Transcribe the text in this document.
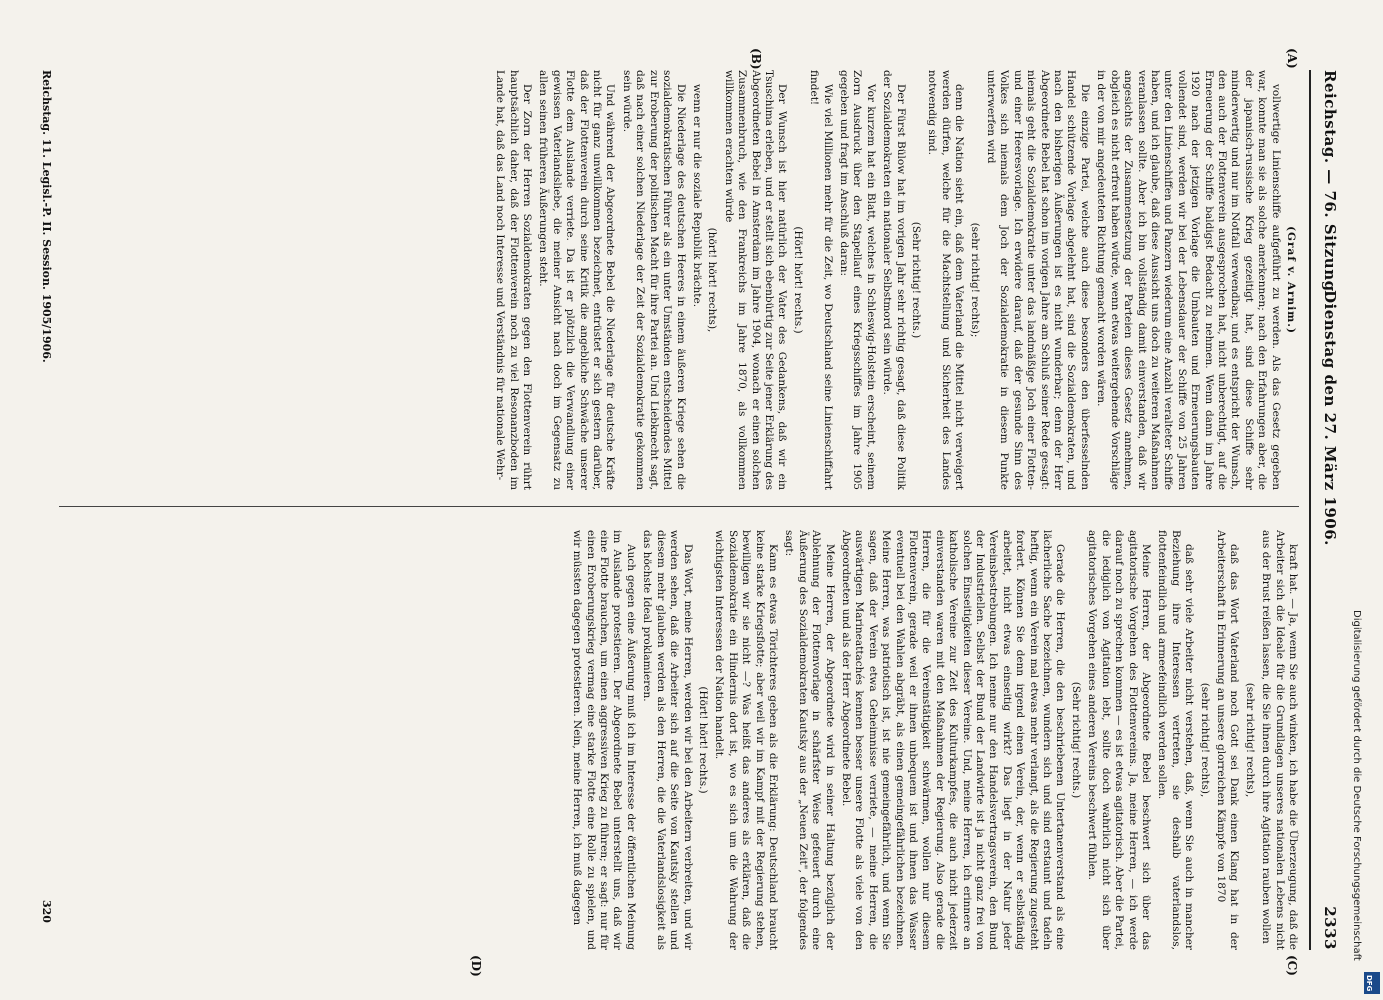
Reichstag. — 76. Sitzung.
Dienstag den 27. März 1906.
2333
(A)
(B)
(C)
(D)
(Graf v. Arnim.)

vollwertige Linienschiffe aufgeführt zu werden. Als das Gesetz gegeben war, konnte man sie als solche anerkennen; nach den Erfahrungen aber, die der japanisch-russische Krieg gezeitigt hat, sind diese Schiffe sehr minderwertig und nur im Notfall verwendbar, und es entspricht der Wunsch, den auch der Flottenverein ausgesprochen hat, nicht unberechtigt, auf die Erneuerung der Schiffe baldigst Bedacht zu nehmen. Wenn dann im Jahre 1920 nach der jetzigen Vorlage die Umbauten und Erneuerungsbauten vollendet sind, werden wir bei der Lebensdauer der Schiffe von 25 Jahren unter den Linienschiffen und Panzern wiederum eine Anzahl veralteter Schiffe haben, und ich glaube, daß diese Aussicht uns doch zu weiteren Maßnahmen veranlassen sollte. Aber ich bin vollständig damit einverstanden, daß wir angesichts der Zusammensetzung der Parteien dieses Gesetz annehmen, obgleich es nicht erfreut haben würde, wenn etwas weitergehende Vorschläge in der von mir angedeuteten Richtung gemacht worden wären.

Die einzige Partei, welche auch diese besonders den überfesselnden Handel schützende Vorlage abgelehnt hat, sind die Sozialdemokraten, und nach den bisherigen Äußerungen ist es nicht wunderbar; denn der Herr Abgeordnete Bebel hat schon im vorigen Jahre am Schluß seiner Rede gesagt: niemals geht die Sozialdemokratie unter das landmäßige Joch einer Flotten- und einer Heeresvorlage. Ich erwidere darauf, daß der gesunde Sinn des Volkes sich niemals dem Joch der Sozialdemokratie in diesem Punkte unterwerfen wird

(sehr richtig! rechts);

denn die Nation sieht ein, daß dem Vaterland die Mittel nicht verweigert werden dürfen, welche für die Machtstellung und Sicherheit des Landes notwendig sind.

(Sehr richtig! rechts.)

Der Fürst Bülow hat im vorigen Jahr sehr richtig gesagt, daß diese Politik der Sozialdemokraten ein nationaler Selbstmord sein würde.

Vor kurzem hat ein Blatt, welches in Schleswig-Holstein erscheint, seinem Zorn Ausdruck über den Stapellauf eines Kriegsschiffes im Jahre 1905 gegeben und fragt im Anschluß daran:

Wie viel Millionen mehr für die Zeit, wo Deutschland seine Linienschiffahrt findet!

(Hört! hört! rechts.)

Der Wunsch ist hier natürlich der Vater des Gedankens, daß wir ein Tsuschima erleben, und er stellt sich ebenbürtig zur Seite jener Erklärung des Abgeordneten Bebel in Amsterdam im Jahre 1904, wonach er einen solchen Zusammenbruch, wie den Frankreichs im Jahre 1870, als vollkommen willkommen erachten würde

(hört! hört! rechts),

wenn er nur die soziale Republik brächte.

Die Niederlage des deutschen Heeres in einem äußeren Kriege sehen die sozialdemokratischen Führer als ein unter Umständen entscheidendes Mittel zur Eroberung der politischen Macht für ihre Partei an. Und Liebknecht sagt, daß nach einer solchen Niederlage der Zeit der Sozialdemokratie gekommen sein würde.

Und während der Abgeordnete Bebel die Niederlage für deutsche Kräfte nicht für ganz unwillkommen bezeichnet, entrüstet er sich gestern darüber, daß der Flottenverein durch seine Kritik die angebliche Schwäche unserer Flotte dem Auslande verriete. Da ist er plötzlich die Verwandlung einer gewissen Vaterlandsliebe, die meiner Ansicht nach doch im Gegensatz zu allen seinen früheren Äußerungen steht.

Der Zorn der Herren Sozialdemokraten gegen den Flottenverein rührt hauptsächlich daher, daß der Flottenverein noch zu viel Resonanzboden im Lande hat, daß das Land noch Interesse und Verständnis für nationale Wehr-

kraft hat. — Ja, wenn Sie auch winken, ich habe die Überzeugung, daß die Arbeiter sich die Ideale für die Grundlagen unseres nationalen Lebens nicht aus der Brust reißen lassen, die Sie ihnen durch ihre Agitation rauben wollen

(sehr richtig! rechts),

daß das Wort Vaterland noch Gott sei Dank einen Klang hat in der Arbeiterschaft in Erinnerung an unsere glorreichen Kämpfe von 1870

(sehr richtig! rechts),

daß sehr viele Arbeiter nicht verstehen, daß, wenn Sie auch in mancher Beziehung ihre Interessen vertreten, sie deshalb vaterlandslos, flottenfeindlich und armeefeindlich werden sollen.

Meine Herren, der Abgeordnete Bebel beschwert sich über das agitatorische Vorgehen des Flottenvereins. Ja, meine Herren, — ich werde darauf noch zu sprechen kommen — es ist etwas agitatorisch. Aber die Partei, die lediglich von Agitation lebt, sollte doch wahrlich nicht sich über agitatorisches Vorgehen eines anderen Vereins beschwert fühlen.

(Sehr richtig! rechts.)

Gerade die Herren, die den beschriebenen Untertanenverstand als eine lächerliche Sache bezeichnen, wundern sich und sind erstaunt und tadeln heftig, wenn ein Verein mal etwas mehr verlangt, als die Regierung zugesteht fordert. Können Sie denn irgend einen Verein, der, wenn er selbständig arbeitet, nicht etwas einseitig wirkt? Das liegt in der Natur jeder Vereinsbestrebungen. Ich nenne nur den Handelsvertragsverein, den Bund der Industriellen. Selbst der Bund der Landwirte ist ja nicht ganz frei von solchen Einseitigkeiten dieser Vereine. Und, meine Herren, ich erinnere an katholische Vereine zur Zeit des Kulturkampfes, die auch nicht jederzeit einverstanden waren mit den Maßnahmen der Regierung. Also gerade die Herren, die für die Vereinstätigkeit schwärmen, wollen nur diesem Flottenverein, gerade weil er ihnen unbequem ist und ihnen das Wasser eventuell bei den Wahlen abgräbt, als einen gemeingefährlichen bezeichnen. Meine Herren, was patriotisch ist, ist nie gemeingefährlich, und wenn Sie sagen, daß der Verein etwa Geheimnisse verriete, — meine Herren, die auswärtigen Marineattachés kennen besser unsere Flotte als viele von den Abgeordneten und als der Herr Abgeordnete Bebel.

Meine Herren, der Abgeordnete wird in seiner Haltung bezüglich der Ablehnung der Flottenvorlage in schärfster Weise gefeuert durch eine Äußerung des Sozialdemokraten Kautsky aus der „Neuen Zeit", der folgendes sagt:

Kann es etwas Törichteres geben als die Erklärung: Deutschland braucht keine starke Kriegsflotte; aber weil wir im Kampf mit der Regierung stehen, bewilligen wir sie nicht —? Was heißt das anderes als erklären, daß die Sozialdemokratie ein Hindernis dort ist, wo es sich um die Wahrung der wichtigsten Interessen der Nation handelt.

(Hört! hört! rechts.)

Das Wort, meine Herren, werden wir bei den Arbeitern verbreiten, und wir werden sehen, daß die Arbeiter sich auf die Seite von Kautsky stellen und diesem mehr glauben werden als den Herren, die die Vaterlandslosigkeit als das höchste Ideal proklamieren.

Auch gegen eine Äußerung muß ich im Interesse der öffentlichen Meinung im Auslande protestieren. Der Abgeordnete Bebel unterstellt uns, daß wir eine Flotte brauchen, um einen aggressiven Krieg zu führen; er sagt: nur für einen Eroberungskrieg vermag eine starke Flotte eine Rolle zu spielen, und wir müssten dagegen protestieren. Nein, meine Herren, ich muß dagegen

Reichstag. 11. Legisl.-P. II. Session. 1905/1906.
320	Digitalisierung gefördert durch die Deutsche Forschungsgemeinschaft
DFG
